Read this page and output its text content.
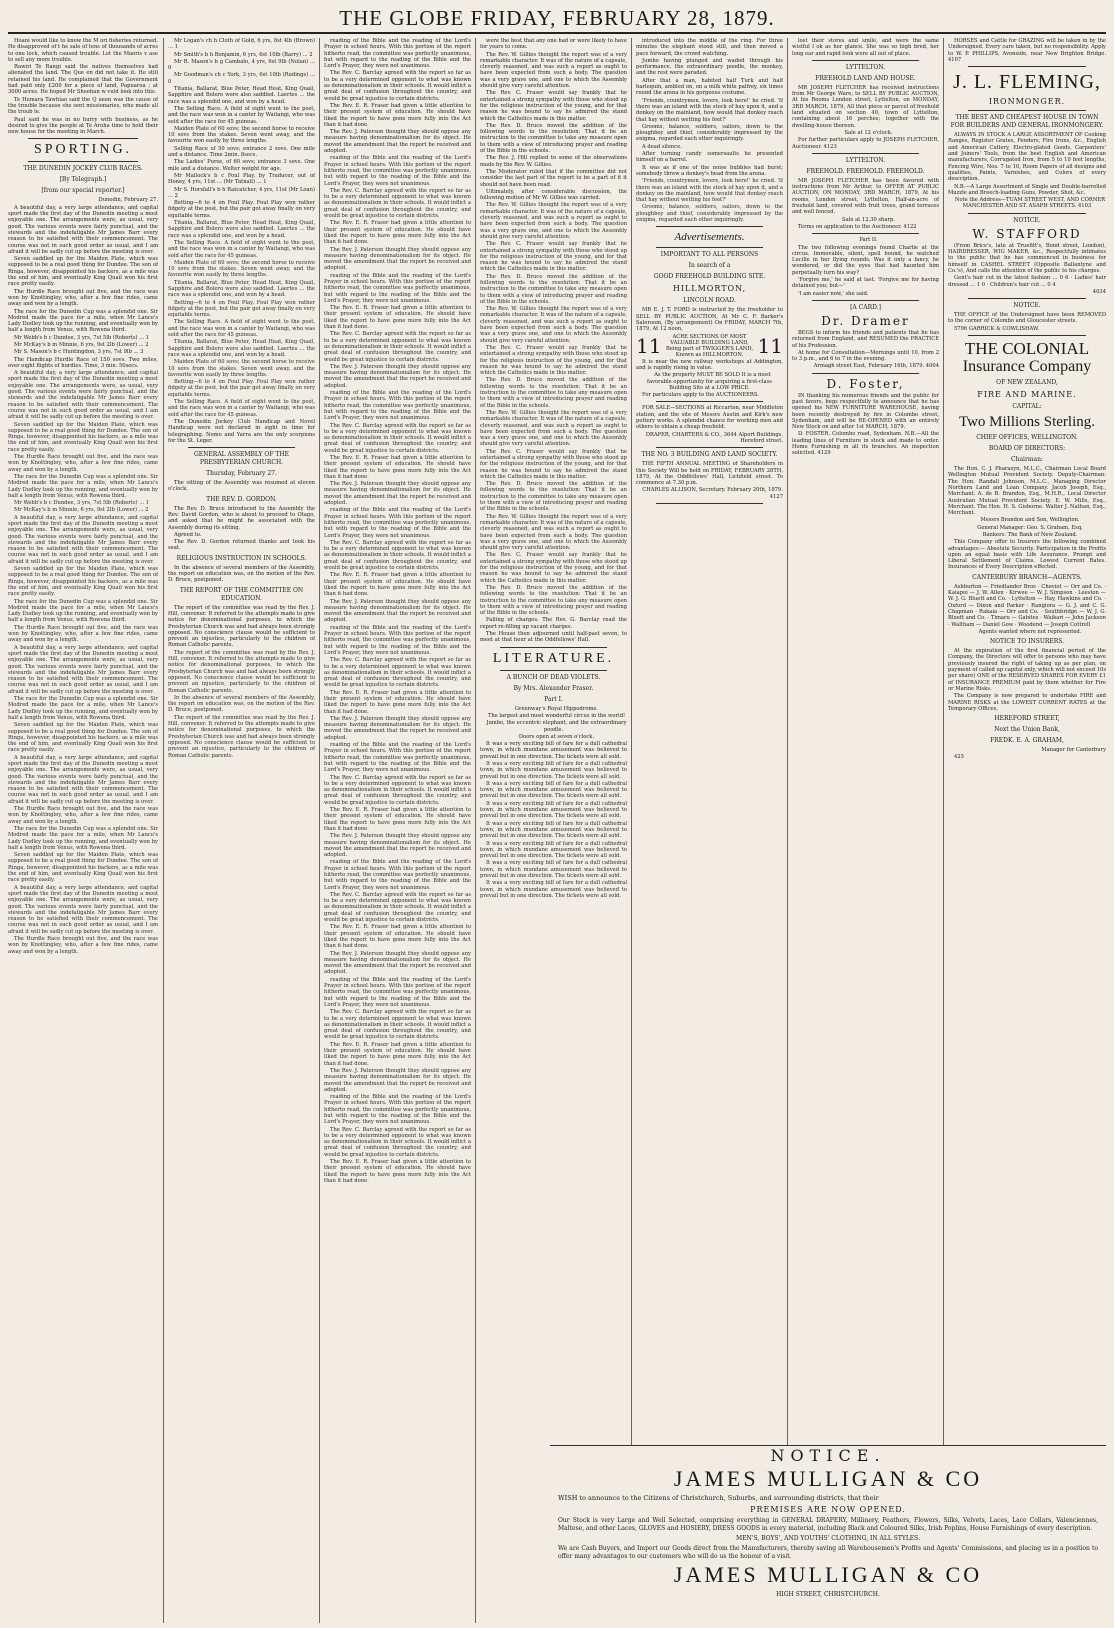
THE GLOBE FRIDAY, FEBRUARY 28, 1879.

Hoani would like to know the M ori fisheries returned. He disapproved of t he sale of tens of thousands of acres to one lock, which caused trouble. Let the Maoris v ase to sell any more trouble.

Rawiri Te Rangi said the natives themselves had alienated the land. The Que en did not take it. He still retained his land. He complained that the Government had paid only £200 for a piece of land, Papuaroa ; at 3000 acres. He hoped Mr Sheehan w vuld look into this.

Te Hemara Tawhiao said the Q ueen was the cause of the trouble because she sent missionaries, who made all the troub le.

Paul said he was in no hurry with business, as he desired to give the people at Te Aroha time to hold their new house for the meeting in March.

SPORTING.
THE DUNEDIN JOCKEY CLUB RACES.
[By Telegraph.]
[from our special reporter.]

Dunedin, February 27.

A beautiful day, a very large attendance, and capital sport made the first day of the Dunedin meeting a most enjoyable one. The arrangements were, as usual, very good. The various events were fairly punctual, and the stewards and the indefatigable Mr James Barr every reason to be satisfied with their commencement. The course was not in such good order as usual, and I am afraid it will be sadly cut up before the meeting is over.

Seven saddled up for the Maiden Plate, which was supposed to be a real good thing for Dundee. The son of Ringa, however, disappointed his backers, as a mile was the end of him, and eventually King Quail won his first race pretty easily.

The Hurdle Race brought out five, and the race was won by Knottingley, who, after a few fine rides, came away and won by a length.

The race for the Dunedin Cup was a splendid one. Sir Modred made the pace for a mile, when Mr Lance's Lady Dudley took up the running, and eventually won by half a length from Venus, with Rowena third.

Mr Webb's b c Dundee, 3 yrs, 7st 5lb (Roberts) ... 1

Mr McKay's b m Minnie, 6 yrs, 9st 2lb (Lower) ... 2

Mr S. Mason's b c Huntingdon, 3 yrs, 7st 9lb ... 3

The Handicap Hurdle Race of 150 sovs. Two miles, over eight flights of hurdles. Time, 3 min. 50secs.

A beautiful day, a very large attendance, and capital sport made the first day of the Dunedin meeting a most enjoyable one. The arrangements were, as usual, very good. The various events were fairly punctual, and the stewards and the indefatigable Mr James Barr every reason to be satisfied with their commencement. The course was not in such good order as usual, and I am afraid it will be sadly cut up before the meeting is over.

Seven saddled up for the Maiden Plate, which was supposed to be a real good thing for Dundee. The son of Ringa, however, disappointed his backers, as a mile was the end of him, and eventually King Quail won his first race pretty easily.

The Hurdle Race brought out five, and the race was won by Knottingley, who, after a few fine rides, came away and won by a length.

The race for the Dunedin Cup was a splendid one. Sir Modred made the pace for a mile, when Mr Lance's Lady Dudley took up the running, and eventually won by half a length from Venus, with Rowena third.

Mr Webb's b c Dundee, 3 yrs, 7st 5lb (Roberts) ... 1

Mr McKay's b m Minnie, 6 yrs, 9st 2lb (Lower) ... 2

A beautiful day, a very large attendance, and capital sport made the first day of the Dunedin meeting a most enjoyable one. The arrangements were, as usual, very good. The various events were fairly punctual, and the stewards and the indefatigable Mr James Barr every reason to be satisfied with their commencement. The course was not in such good order as usual, and I am afraid it will be sadly cut up before the meeting is over.

Seven saddled up for the Maiden Plate, which was supposed to be a real good thing for Dundee. The son of Ringa, however, disappointed his backers, as a mile was the end of him, and eventually King Quail won his first race pretty easily.

The race for the Dunedin Cup was a splendid one. Sir Modred made the pace for a mile, when Mr Lance's Lady Dudley took up the running, and eventually won by half a length from Venus, with Rowena third.

The Hurdle Race brought out five, and the race was won by Knottingley, who, after a few fine rides, came away and won by a length.

A beautiful day, a very large attendance, and capital sport made the first day of the Dunedin meeting a most enjoyable one. The arrangements were, as usual, very good. The various events were fairly punctual, and the stewards and the indefatigable Mr James Barr every reason to be satisfied with their commencement. The course was not in such good order as usual, and I am afraid it will be sadly cut up before the meeting is over.

The race for the Dunedin Cup was a splendid one. Sir Modred made the pace for a mile, when Mr Lance's Lady Dudley took up the running, and eventually won by half a length from Venus, with Rowena third.

Seven saddled up for the Maiden Plate, which was supposed to be a real good thing for Dundee. The son of Ringa, however, disappointed his backers, as a mile was the end of him, and eventually King Quail won his first race pretty easily.

A beautiful day, a very large attendance, and capital sport made the first day of the Dunedin meeting a most enjoyable one. The arrangements were, as usual, very good. The various events were fairly punctual, and the stewards and the indefatigable Mr James Barr every reason to be satisfied with their commencement. The course was not in such good order as usual, and I am afraid it will be sadly cut up before the meeting is over.

The Hurdle Race brought out five, and the race was won by Knottingley, who, after a few fine rides, came away and won by a length.

The race for the Dunedin Cup was a splendid one. Sir Modred made the pace for a mile, when Mr Lance's Lady Dudley took up the running, and eventually won by half a length from Venus, with Rowena third.

Seven saddled up for the Maiden Plate, which was supposed to be a real good thing for Dundee. The son of Ringa, however, disappointed his backers, as a mile was the end of him, and eventually King Quail won his first race pretty easily.

A beautiful day, a very large attendance, and capital sport made the first day of the Dunedin meeting a most enjoyable one. The arrangements were, as usual, very good. The various events were fairly punctual, and the stewards and the indefatigable Mr James Barr every reason to be satisfied with their commencement. The course was not in such good order as usual, and I am afraid it will be sadly cut up before the meeting is over.

The Hurdle Race brought out five, and the race was won by Knottingley, who, after a few fine rides, came away and won by a length.

Mr Logan's ch h Cloth of Gold, 6 yrs, 8st 4lb (Brown) ... 1

Mr Smith's b h Bonjamin, 6 yrs, 6st 10lb (Barry) ... 2

Mr R. Mason's b g Cambalo, 4 yrs, 6st 9lb (Nolan) ... 0

Mr Goodman's ch c York, 3 yrs, 6st 10lb (Rudings) ... 0

Titania, Ballarat, Blue Peter, Head Heat, King Quail, Sapphire and Bolero were also saddled. Laertes ... the race was a splendid one, and won by a head.

The Selling Race. A field of eight went to the post, and the race was won in a canter by Waitangi, who was sold after the race for 45 guineas.

Maiden Plate of 60 sovs; the second horse to receive 10 sovs from the stakes. Seven went away, and the favourite won easily by three lengths.

Selling Race of 50 sovs; entrance 2 sovs. One mile and a distance. Time 2min. 8secs.

The Ladies' Purse, of 60 sovs; entrance 3 sovs. One mile and a distance. Welter weight for age.

Mr Mallock's b c Foul Play, by Traducer, out of Honey, 4 yrs, 11st ... (Mr Tatnall) ... 1

Mr S. Horsfall's b h Ratcatcher, 4 yrs, 11st (Mr Loan) ... 2

Betting—6 to 4 on Foul Play. Foul Play won rather fidgety at the post, but the pair got away finally on very equitable terms.

Titania, Ballarat, Blue Peter, Head Heat, King Quail, Sapphire and Bolero were also saddled. Laertes ... the race was a splendid one, and won by a head.

The Selling Race. A field of eight went to the post, and the race was won in a canter by Waitangi, who was sold after the race for 45 guineas.

Maiden Plate of 60 sovs; the second horse to receive 10 sovs from the stakes. Seven went away, and the favourite won easily by three lengths.

Titania, Ballarat, Blue Peter, Head Heat, King Quail, Sapphire and Bolero were also saddled. Laertes ... the race was a splendid one, and won by a head.

Betting—6 to 4 on Foul Play. Foul Play won rather fidgety at the post, but the pair got away finally on very equitable terms.

The Selling Race. A field of eight went to the post, and the race was won in a canter by Waitangi, who was sold after the race for 45 guineas.

Titania, Ballarat, Blue Peter, Head Heat, King Quail, Sapphire and Bolero were also saddled. Laertes ... the race was a splendid one, and won by a head.

Maiden Plate of 60 sovs; the second horse to receive 10 sovs from the stakes. Seven went away, and the favourite won easily by three lengths.

Betting—6 to 4 on Foul Play. Foul Play won rather fidgety at the post, but the pair got away finally on very equitable terms.

The Selling Race. A field of eight went to the post, and the race was won in a canter by Waitangi, who was sold after the race for 45 guineas.

The Dunedin Jockey Club Handicap and Novel Handicap were not declared in sight in time for telegraphing. Nemo and Yarra are the only scorpions for the St. Leger.

GENERAL ASSEMBLY OF THE PRESBYTERIAN CHURCH.
Thursday, February 27.

The sitting of the Assembly was resumed at eleven o'clock.

THE REV. D. GORDON.

The Rev. D. Bruce introduced to the Assembly the Rev. David Gordon, who is about to proceed to Otago, and asked that he might be associated with the Assembly during its sitting.

Agreed to.

The Rev. D. Gordon returned thanks and took his seat.

RELIGIOUS INSTRUCTION IN SCHOOLS.

In the absence of several members of the Assembly, the report on education was, on the motion of the Rev. D. Bruce, postponed.

THE REPORT OF THE COMMITTEE ON EDUCATION.

The report of the committee was read by the Rev. J. Hill, convener. It referred to the attempts made to give notice for denominational purposes, to which the Presbyterian Church was and had always been strongly opposed. No conscience clause would be sufficient to prevent an injustice, particularly to the children of Roman Catholic parents.

The report of the committee was read by the Rev. J. Hill, convener. It referred to the attempts made to give notice for denominational purposes, to which the Presbyterian Church was and had always been strongly opposed. No conscience clause would be sufficient to prevent an injustice, particularly to the children of Roman Catholic parents.

In the absence of several members of the Assembly, the report on education was, on the motion of the Rev. D. Bruce, postponed.

The report of the committee was read by the Rev. J. Hill, convener. It referred to the attempts made to give notice for denominational purposes, to which the Presbyterian Church was and had always been strongly opposed. No conscience clause would be sufficient to prevent an injustice, particularly to the children of Roman Catholic parents.

reading of the Bible and the reading of the Lord's Prayer in school hours. With this portion of the report hitherto read, the committee was perfectly unanimous, but with regard to the reading of the Bible and the Lord's Prayer, they were not unanimous.

The Rev. C. Barclay agreed with the report so far as to be a very determined opponent to what was known as denominationalism in their schools. It would inflict a great deal of confusion throughout the country, and would be great injustice to certain districts.

The Rev. E. R. Fraser had given a little attention to their present system of education. He should have liked the report to have gone more fully into the Act than it had done.

The Rev. J. Paterson thought they should oppose any measure having denominationalism for its object. He moved the amendment that the report be received and adopted.

reading of the Bible and the reading of the Lord's Prayer in school hours. With this portion of the report hitherto read, the committee was perfectly unanimous, but with regard to the reading of the Bible and the Lord's Prayer, they were not unanimous.

The Rev. C. Barclay agreed with the report so far as to be a very determined opponent to what was known as denominationalism in their schools. It would inflict a great deal of confusion throughout the country, and would be great injustice to certain districts.

The Rev. E. R. Fraser had given a little attention to their present system of education. He should have liked the report to have gone more fully into the Act than it had done.

The Rev. J. Paterson thought they should oppose any measure having denominationalism for its object. He moved the amendment that the report be received and adopted.

reading of the Bible and the reading of the Lord's Prayer in school hours. With this portion of the report hitherto read, the committee was perfectly unanimous, but with regard to the reading of the Bible and the Lord's Prayer, they were not unanimous.

The Rev. E. R. Fraser had given a little attention to their present system of education. He should have liked the report to have gone more fully into the Act than it had done.

The Rev. C. Barclay agreed with the report so far as to be a very determined opponent to what was known as denominationalism in their schools. It would inflict a great deal of confusion throughout the country, and would be great injustice to certain districts.

The Rev. J. Paterson thought they should oppose any measure having denominationalism for its object. He moved the amendment that the report be received and adopted.

reading of the Bible and the reading of the Lord's Prayer in school hours. With this portion of the report hitherto read, the committee was perfectly unanimous, but with regard to the reading of the Bible and the Lord's Prayer, they were not unanimous.

The Rev. C. Barclay agreed with the report so far as to be a very determined opponent to what was known as denominationalism in their schools. It would inflict a great deal of confusion throughout the country, and would be great injustice to certain districts.

The Rev. E. R. Fraser had given a little attention to their present system of education. He should have liked the report to have gone more fully into the Act than it had done.

The Rev. J. Paterson thought they should oppose any measure having denominationalism for its object. He moved the amendment that the report be received and adopted.

reading of the Bible and the reading of the Lord's Prayer in school hours. With this portion of the report hitherto read, the committee was perfectly unanimous, but with regard to the reading of the Bible and the Lord's Prayer, they were not unanimous.

The Rev. C. Barclay agreed with the report so far as to be a very determined opponent to what was known as denominationalism in their schools. It would inflict a great deal of confusion throughout the country, and would be great injustice to certain districts.

The Rev. E. R. Fraser had given a little attention to their present system of education. He should have liked the report to have gone more fully into the Act than it had done.

The Rev. J. Paterson thought they should oppose any measure having denominationalism for its object. He moved the amendment that the report be received and adopted.

reading of the Bible and the reading of the Lord's Prayer in school hours. With this portion of the report hitherto read, the committee was perfectly unanimous, but with regard to the reading of the Bible and the Lord's Prayer, they were not unanimous.

The Rev. C. Barclay agreed with the report so far as to be a very determined opponent to what was known as denominationalism in their schools. It would inflict a great deal of confusion throughout the country, and would be great injustice to certain districts.

The Rev. E. R. Fraser had given a little attention to their present system of education. He should have liked the report to have gone more fully into the Act than it had done.

The Rev. J. Paterson thought they should oppose any measure having denominationalism for its object. He moved the amendment that the report be received and adopted.

reading of the Bible and the reading of the Lord's Prayer in school hours. With this portion of the report hitherto read, the committee was perfectly unanimous, but with regard to the reading of the Bible and the Lord's Prayer, they were not unanimous.

The Rev. C. Barclay agreed with the report so far as to be a very determined opponent to what was known as denominationalism in their schools. It would inflict a great deal of confusion throughout the country, and would be great injustice to certain districts.

The Rev. E. R. Fraser had given a little attention to their present system of education. He should have liked the report to have gone more fully into the Act than it had done.

The Rev. J. Paterson thought they should oppose any measure having denominationalism for its object. He moved the amendment that the report be received and adopted.

reading of the Bible and the reading of the Lord's Prayer in school hours. With this portion of the report hitherto read, the committee was perfectly unanimous, but with regard to the reading of the Bible and the Lord's Prayer, they were not unanimous.

The Rev. C. Barclay agreed with the report so far as to be a very determined opponent to what was known as denominationalism in their schools. It would inflict a great deal of confusion throughout the country, and would be great injustice to certain districts.

The Rev. E. R. Fraser had given a little attention to their present system of education. He should have liked the report to have gone more fully into the Act than it had done.

The Rev. J. Paterson thought they should oppose any measure having denominationalism for its object. He moved the amendment that the report be received and adopted.

reading of the Bible and the reading of the Lord's Prayer in school hours. With this portion of the report hitherto read, the committee was perfectly unanimous, but with regard to the reading of the Bible and the Lord's Prayer, they were not unanimous.

The Rev. C. Barclay agreed with the report so far as to be a very determined opponent to what was known as denominationalism in their schools. It would inflict a great deal of confusion throughout the country, and would be great injustice to certain districts.

The Rev. E. R. Fraser had given a little attention to their present system of education. He should have liked the report to have gone more fully into the Act than it had done.

The Rev. J. Paterson thought they should oppose any measure having denominationalism for its object. He moved the amendment that the report be received and adopted.

reading of the Bible and the reading of the Lord's Prayer in school hours. With this portion of the report hitherto read, the committee was perfectly unanimous, but with regard to the reading of the Bible and the Lord's Prayer, they were not unanimous.

The Rev. C. Barclay agreed with the report so far as to be a very determined opponent to what was known as denominationalism in their schools. It would inflict a great deal of confusion throughout the country, and would be great injustice to certain districts.

The Rev. E. R. Fraser had given a little attention to their present system of education. He should have liked the report to have gone more fully into the Act than it had done.

were the best that any one had or were likely to have for years to come.

The Rev. W. Gillies thought the report was of a very remarkable character. It was of the nature of a capsule, cleverly reasoned, and was such a report as ought to have been expected from such a body. The question was a very grave one, and one to which the Assembly should give very careful attention.

The Rev. C. Fraser would say frankly that he entertained a strong sympathy with those who stood up for the religious instruction of the young, and for that reason he was bound to say he admired the stand which the Catholics made in this matter.

The Rev. D. Bruce moved the addition of the following words to the resolution: That it be an instruction to the committee to take any measure open to them with a view of introducing prayer and reading of the Bible in the schools.

The Rev. J. Hill replied to some of the observations made by the Rev. W. Gillies.

The Moderator ruled that if the committee did not consider the last part of the report to be a part of it it should not have been read.

Ultimately, after considerable discussion, the following motion of Mr W. Gillies was carried.

The Rev. W. Gillies thought the report was of a very remarkable character. It was of the nature of a capsule, cleverly reasoned, and was such a report as ought to have been expected from such a body. The question was a very grave one, and one to which the Assembly should give very careful attention.

The Rev. C. Fraser would say frankly that he entertained a strong sympathy with those who stood up for the religious instruction of the young, and for that reason he was bound to say he admired the stand which the Catholics made in this matter.

The Rev. D. Bruce moved the addition of the following words to the resolution: That it be an instruction to the committee to take any measure open to them with a view of introducing prayer and reading of the Bible in the schools.

The Rev. W. Gillies thought the report was of a very remarkable character. It was of the nature of a capsule, cleverly reasoned, and was such a report as ought to have been expected from such a body. The question was a very grave one, and one to which the Assembly should give very careful attention.

The Rev. C. Fraser would say frankly that he entertained a strong sympathy with those who stood up for the religious instruction of the young, and for that reason he was bound to say he admired the stand which the Catholics made in this matter.

The Rev. D. Bruce moved the addition of the following words to the resolution: That it be an instruction to the committee to take any measure open to them with a view of introducing prayer and reading of the Bible in the schools.

The Rev. W. Gillies thought the report was of a very remarkable character. It was of the nature of a capsule, cleverly reasoned, and was such a report as ought to have been expected from such a body. The question was a very grave one, and one to which the Assembly should give very careful attention.

The Rev. C. Fraser would say frankly that he entertained a strong sympathy with those who stood up for the religious instruction of the young, and for that reason he was bound to say he admired the stand which the Catholics made in this matter.

The Rev. D. Bruce moved the addition of the following words to the resolution: That it be an instruction to the committee to take any measure open to them with a view of introducing prayer and reading of the Bible in the schools.

The Rev. W. Gillies thought the report was of a very remarkable character. It was of the nature of a capsule, cleverly reasoned, and was such a report as ought to have been expected from such a body. The question was a very grave one, and one to which the Assembly should give very careful attention.

The Rev. C. Fraser would say frankly that he entertained a strong sympathy with those who stood up for the religious instruction of the young, and for that reason he was bound to say he admired the stand which the Catholics made in this matter.

The Rev. D. Bruce moved the addition of the following words to the resolution: That it be an instruction to the committee to take any measure open to them with a view of introducing prayer and reading of the Bible in the schools.

Falling of charges. The Rev. G. Barclay read the report re-filling up vacant charges.

The House then adjourned until half-past seven, to meet at that hour at the Oddfellows' Hall.

LITERATURE.
A BUNCH OF DEAD VIOLETS.
By Mrs. Alexander Fraser.
Part I.

Greenway's Royal Hippodrome.

The largest and most wonderful circus in the world!

Jumbo, the eccentric elephant, and the extraordinary poodle.

Doors open at seven o'clock.

It was a very exciting bill of fare for a dull cathedral town, in which mundane amusement was believed to prevail but in one direction. The tickets were all sold.

It was a very exciting bill of fare for a dull cathedral town, in which mundane amusement was believed to prevail but in one direction. The tickets were all sold.

It was a very exciting bill of fare for a dull cathedral town, in which mundane amusement was believed to prevail but in one direction. The tickets were all sold.

It was a very exciting bill of fare for a dull cathedral town, in which mundane amusement was believed to prevail but in one direction. The tickets were all sold.

It was a very exciting bill of fare for a dull cathedral town, in which mundane amusement was believed to prevail but in one direction. The tickets were all sold.

It was a very exciting bill of fare for a dull cathedral town, in which mundane amusement was believed to prevail but in one direction. The tickets were all sold.

It was a very exciting bill of fare for a dull cathedral town, in which mundane amusement was believed to prevail but in one direction. The tickets were all sold.

It was a very exciting bill of fare for a dull cathedral town, in which mundane amusement was believed to prevail but in one direction. The tickets were all sold.

introduced into the middle of the ring. For three minutes the elephant stood still, and then moved a pace forward, the crowd watching.

Jumbo having plunged and waded through his performance, the extraordinary poodle, the monkey, and the rest were paraded.

After that a man, habited half Turk and half harlequin, ambled on, on a milk white palfrey, six times round the arena in his gorgeous costume.

'Friends, countrymen, lovers, look here!' he cried. 'If there was an island with the stock of hay upon it, and a donkey on the mainland, how would that donkey reach that hay without wetting his feet?'

Grooms, balance, soldiers, sailors, down to the ploughboy and thief, considerably impressed by the enigma, regarded each other inquiringly.

A dead silence.

After turning candy somersaults he presented himself on a barrel.

It was as if one of the noise bubbles had burst; somebody threw a donkey's head from the arena.

'Friends, countrymen, lovers, look here!' he cried. 'If there was an island with the stock of hay upon it, and a donkey on the mainland, how would that donkey reach that hay without wetting his feet?'

Grooms, balance, soldiers, sailors, down to the ploughboy and thief, considerably impressed by the enigma, regarded each other inquiringly.

Advertisements.
IMPORTANT TO ALL PERSONS
In search of a
GOOD FREEHOLD BUILDING SITE.
HILLMORTON,
LINCOLN ROAD.

MR E. J. T. FORD is instructed by the freeholder to SELL BY PUBLIC AUCTION, At Mr C. F. Barker's Saleroom, (By arrangement) On FRIDAY, MARCH 7th, 1879, At 12 noon,

11	ACRE SECTIONS OF MOST VALUABLE BUILDING LAND, Being part of TWIGGER'S LAND, Known as HILLMORTON. 11

It is near the new railway workshops at Addington, and is rapidly rising in value.

As the property MUST BE SOLD It is a most favorable opportunity for acquiring a first-class Building Site at a LOW PRICE.

For particulars apply to the AUCTIONEERS.

FOR SALE—SECTIONS at Riccarton, near Middleton station, and the site of Messrs Austin and Kirk's new pottery works. A splendid chance for working men and others to obtain a cheap freehold.

DRAPER, CHARTERS & CO., 3644 Alport Buildings, Hereford street.

THE NO. 3 BUILDING AND LAND SOCIETY.

THE FIFTH ANNUAL MEETING of Shareholders in this Society Will be held on FRIDAY, FEBRUARY 28TH, 1879, At the Oddfellows' Hall, Lichfield street. To commence at 7.30 p.m.

CHARLES ALLISON, Secretary. February 20th, 1879. 4127

lost their stores and smile, and were the same wistful l ok as her glance. She was so high bred, her long ear and rapid look were all out of place.

LYTTELTON.
FREEHOLD LAND AND HOUSE.

MR JOSEPH FLETCHER has received instructions from Mr George Ware, to SELL BY PUBLIC AUCTION, At his Rooms London street, Lyttelton, on MONDAY, 3RD MARCH, 1879, All that piece or parcel of freehold land situated on section 40, town of Lyttelton, containing about 16 perches; together with the dwelling-house thereon.

Sale at 12 o'clock.

For further particulars apply to JOSEPH FLETCHER, Auctioneer. 4123

LYTTELTON.
FREEHOLD. FREEHOLD. FREEHOLD.

MR JOSEPH FLETCHER has been favored with instructions from Mr Arthur, to OFFER AT PUBLIC AUCTION, ON MONDAY, 3RD MARCH, 1879, At his rooms, London street, Lyttelton, Half-an-acre of freehold land, covered with fruit trees, grand terraces and well fenced.

Sale at 12.30 sharp.

Terms on application to the Auctioneer. 4122

Part II.

The two following evenings found Charlie at the circus. Immovable, silent, spell bound, he watched Lucille in her flying rounds. Was it only a fancy, he wondered, or did the eyes that had haunted him perpetually turn his way?

'Forgive me,' he said at last. 'Forgive me for having detained you; but—'

'I am easier now,' she said.

[A CARD.]
Dr. Dramer

BEGS to inform his friends and patients that he has returned from England, and RESUMED the PRACTICE of his Profession.

At home for Consultation—Mornings until 10, from 2 to 3 p.m., and 6 to 7 in the evening.

Armagh street East, February 16th, 1879. 4004

D. Foster,

IN thanking his numerous friends and the public for past favors, begs respectfully to announce that he has opened his NEW FURNITURE WAREHOUSE, having been recently destroyed by fire in Colombo street, Sydenham, and will be RE-OPENED with an entirely New Stock on and after 1st MARCH, 1879.

D. FOSTER, Colombo road, Sydenham. N.B.—All the leading lines of Furniture in stock and made to order. Home Furnishing in all its branches. An inspection solicited. 4129

HORSES and Cattle for GRAZING will be taken in by the Undersigned. Every care taken, but no responsibility. Apply to W. P. PHILLIPS, Avonside, near New Brighton Bridge. 4107

J. L. FLEMING,
IRONMONGER.
THE BEST AND CHEAPEST HOUSE IN TOWN FOR BUILDERS AND GENERAL IRONMONGERY.

ALWAYS IN STOCK A LARGE ASSORTMENT OF Cooking Ranges, Register Grates, Fenders, Fire Irons, &c., English and American Cutlery, Electro-plated Goods, Carpenters' and Joiners' Tools, from the best English and American manufacturers, Corrugated Iron, from 5 to 10 feet lengths, Fencing Wire, Nos. 7 to 10, Room Papers of all designs and qualities, Paints, Varnishes, and Colors of every description.

N.B.—A Large Assortment of Single and Double-barrelled Muzzle and Breech-loading Guns, Powder, Shot, &c.

Note the Address—TUAM STREET WEST, AND CORNER MANCHESTER AND ST. ASAPH STREETS. 4103

NOTICE.
W. STAFFORD

(From Brice's, late at Truefitt's, Bond street, London), HAIRDRESSER, WIG MAKER, &c., Respectfully intimates to the public that he has commenced in business for himself in CASHEL STREET (Opposite Ballantyne and Co.'s), And calls the attention of the public to his charges.

Gent's hair cut in the latest fashion ... 0 6 · Ladies' hair dressed ... 1 0 · Children's hair cut ... 0 4

4034

NOTICE.

THE OFFICE of the Undersigned have been REMOVED to the corner of Colombo and Gloucester streets.

5796 GARRICK & COWLISHAW.

THE COLONIAL
Insurance Company
OF NEW ZEALAND,
FIRE AND MARINE.
CAPITAL:
Two Millions Sterling.
CHIEF OFFICES, WELLINGTON.
BOARD OF DIRECTORS:
Chairman:

The Hon. C. J. Pharazyn, M.L.C., Chairman Local Board Wellington Mutual Provident Society. Deputy-Chairman: The Hon. Randall Johnson, M.L.C., Managing Director Northern Land and Loan Company. Jacob Joseph, Esq., Merchant. A. de B. Brandon, Esq., M.H.R., Local Director Australian Mutual Provident Society. E. W. Mills, Esq., Merchant. The Hon. H. S. Gisborne. Walter J. Nathan, Esq., Merchant.

Messrs Brandon and Son, Wellington.

General Manager: Geo. S. Graham, Esq.

Bankers: The Bank of New Zealand.

This Company offer to Insurers the following combined advantages:— Absolute Security. Participation in the Profits upon an equal basis with Life Assurance. Prompt and Liberal Settlement of Claims. Lowest Current Rates. Insurances of Every Description effected.

CANTERBURY BRANCH—AGENTS.

Ashburton — Friedlander Bros · Cheviot — Orr and Co. · Kaiapoi — J. W. Allen · Kirwee — W. J. Simpson · Leeston — W. J. G. Bluett and Co. · Lyttelton — Hay, Hawkins and Co. · Oxford — Dixon and Parker · Rangiora — G. J. and C. G. Chapman · Rakaia — Orr and Co. · Southbridge — W. J. G. Bluett and Co. · Timaru — Gabites · Waikari — John Jackson · Waltham — Daniel Gow · Woodend — Joseph Cottrell

Agents wanted where not represented.

NOTICE TO INSURERS.

At the expiration of the first financial period of the Company, the Directors will offer to persons who may have previously insured the right of taking up as per plan, on payment of called up capital only, which will not exceed 10s per share) ONE of the RESERVED SHARES FOR EVERY £1 of INSURANCE PREMIUM paid by them whether for Fire or Marine Risks.

The Company is now prepared to undertake FIRE and MARINE RISKS at the LOWEST CURRENT RATES at the Temporary Offices,

HEREFORD STREET,
Next the Union Bank,
FREDK. E. A. GRAHAM,

Manager for Canterbury

425

NOTICE.
JAMES MULLIGAN & CO

WISH to announce to the Citizens of Christchurch, Suburbs, and surrounding districts, that their

PREMISES ARE NOW OPENED.

Our Stock is very Large and Well Selected, comprising everything in GENERAL DRAPERY, Millinery, Feathers, Flowers, Silks, Velvets, Laces, Lace Collars, Valenciennes, Maltese, and other Laces, GLOVES and HOSIERY, DRESS GOODS in every material, including Black and Coloured Silks, Irish Poplins, House Furnishings of every description.

MEN'S, BOYS', AND YOUTHS' CLOTHING, IN ALL STYLES.

We are Cash Buyers, and Import our Goods direct from the Manufacturers, thereby saving all Warehousemen's Profits and Agents' Commissions, and placing us in a position to offer many advantages to our customers who will do us the honour of a visit.

JAMES MULLIGAN & CO
HIGH STREET, CHRISTCHURCH.
